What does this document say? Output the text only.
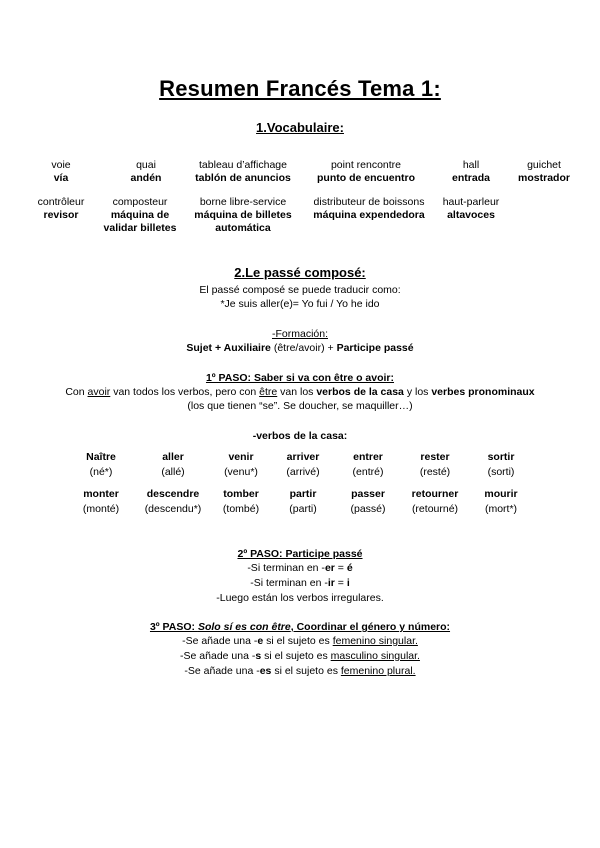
Resumen Francés Tema 1:
1.Vocabulaire:
voie
vía
quai
andén
tableau d’affichage
tablón de anuncios
point rencontre
punto de encuentro
hall
entrada
guichet
mostrador
contrôleur
revisor
composteur
máquina de
validar billetes
borne libre-service
máquina de billetes
automática
distributeur de boissons
máquina expendedora
haut-parleur
altavoces
2.Le passé composé:
El passé composé se puede traducir como:
*Je suis aller(e)= Yo fui / Yo he ido
-Formación:
Sujet + Auxiliaire (être/avoir) + Participe passé
1º PASO: Saber si va con être o avoir:
Con avoir van todos los verbos, pero con être van los verbos de la casa y los verbes pronominaux (los que tienen “se”. Se doucher, se maquiller…)
-verbos de la casa:
Naître
(né*)
aller
(allé)
venir
(venu*)
arriver
(arrivé)
entrer
(entré)
rester
(resté)
sortir
(sorti)
monter
(monté)
descendre
(descendu*)
tomber
(tombé)
partir
(parti)
passer
(passé)
retourner
(retourné)
mourir
(mort*)
2º PASO: Participe passé
-Si terminan en -er = é
-Si terminan en -ir = i
-Luego están los verbos irregulares.
3º PASO: Solo sí es con être, Coordinar el género y número:
-Se añade una -e si el sujeto es femenino singular.
-Se añade una -s si el sujeto es masculino singular.
-Se añade una -es si el sujeto es femenino plural.
